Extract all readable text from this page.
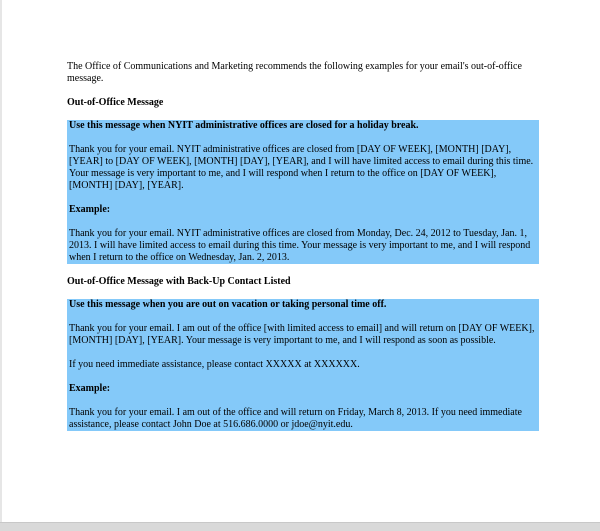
The Office of Communications and Marketing recommends the following examples for your email's out-of-office message.
Out-of-Office Message
Use this message when NYIT administrative offices are closed for a holiday break.
Thank you for your email. NYIT administrative offices are closed from [DAY OF WEEK], [MONTH] [DAY], [YEAR] to [DAY OF WEEK], [MONTH] [DAY], [YEAR], and I will have limited access to email during this time. Your message is very important to me, and I will respond when I return to the office on [DAY OF WEEK], [MONTH] [DAY], [YEAR].
Example:
Thank you for your email. NYIT administrative offices are closed from Monday, Dec. 24, 2012 to Tuesday, Jan. 1, 2013. I will have limited access to email during this time. Your message is very important to me, and I will respond when I return to the office on Wednesday, Jan. 2, 2013.
Out-of-Office Message with Back-Up Contact Listed
Use this message when you are out on vacation or taking personal time off.
Thank you for your email. I am out of the office [with limited access to email] and will return on [DAY OF WEEK], [MONTH] [DAY], [YEAR]. Your message is very important to me, and I will respond as soon as possible.
If you need immediate assistance, please contact XXXXX at XXXXXX.
Example:
Thank you for your email. I am out of the office and will return on Friday, March 8, 2013. If you need immediate assistance, please contact John Doe at 516.686.0000 or jdoe@nyit.edu.
